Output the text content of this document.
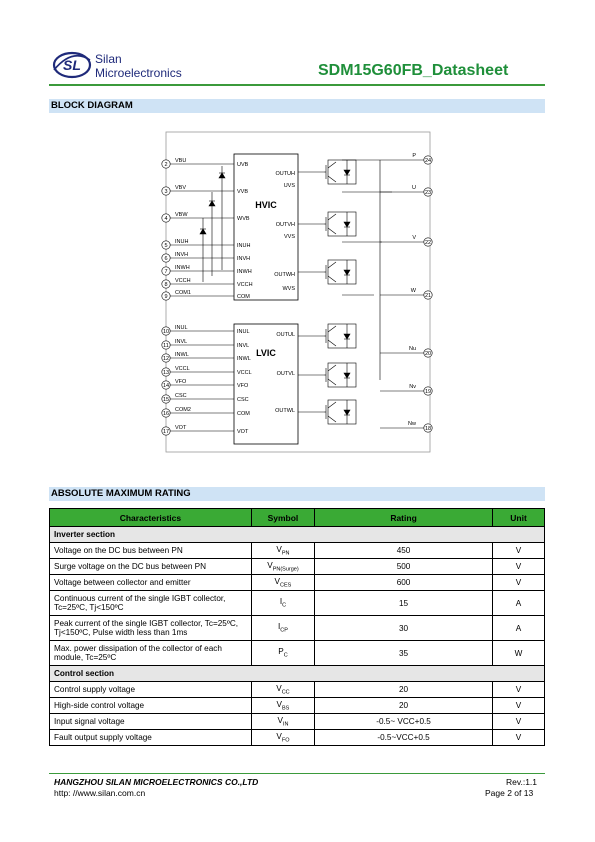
SL Silan
Microelectronics	SDM15G60FB_Datasheet
BLOCK DIAGRAM
HVIC
LVIC
2
VBU
3
VBV
4
VBW
5
INUH
6
INVH
7
INWH
8
VCCH
9
COM1
10
INUL
11
INVL
12
INWL
13
VCCL
14
VFO
15
CSC
16
COM2
17
VOT
UVB
VVB
WVB
INUH
INVH
INWH
VCCH
COM
OUTUH
UVS
OUTVH
VVS
OUTWH
WVS
INUL
INVL
INWL
VCCL
VFO
CSC
COM
VOT
OUTUL
OUTVL
OUTWL
24
P
23
U
22
V
21
W
20
Nu
19
Nv
18
Nw
ABSOLUTE MAXIMUM RATING
Characteristics	Symbol	Rating	Unit
Inverter section			
Voltage on the DC bus between PN	$V_{PN}$	450	V
Surge voltage on the DC bus between PN	$V_{PN(Surge)}$	500	V
Voltage between collector and emitter	$V_{CES}$	600	V
Continuous current of the single IGBT collector, Tc=25ºC, Tj<150ºC	$I_C$	15	A
Peak current of the single IGBT collector, Tc=25ºC, Tj<150ºC, Pulse width less than 1ms	$I_{CP}$	30	A
Max. power dissipation of the collector of each module, Tc=25ºC	$P_C$	35	W
Control section			
Control supply voltage	$V_{CC}$	20	V
High-side control voltage	$V_{BS}$	20	V
Input signal voltage	$V_{IN}$	-0.5~ VCC+0.5	V
Fault output supply voltage	$V_{FO}$	-0.5~VCC+0.5	V
HANGZHOU SILAN MICROELECTRONICS CO.,LTD
http: //www.silan.com.cn
Rev.:1.1
Page 2 of 13
